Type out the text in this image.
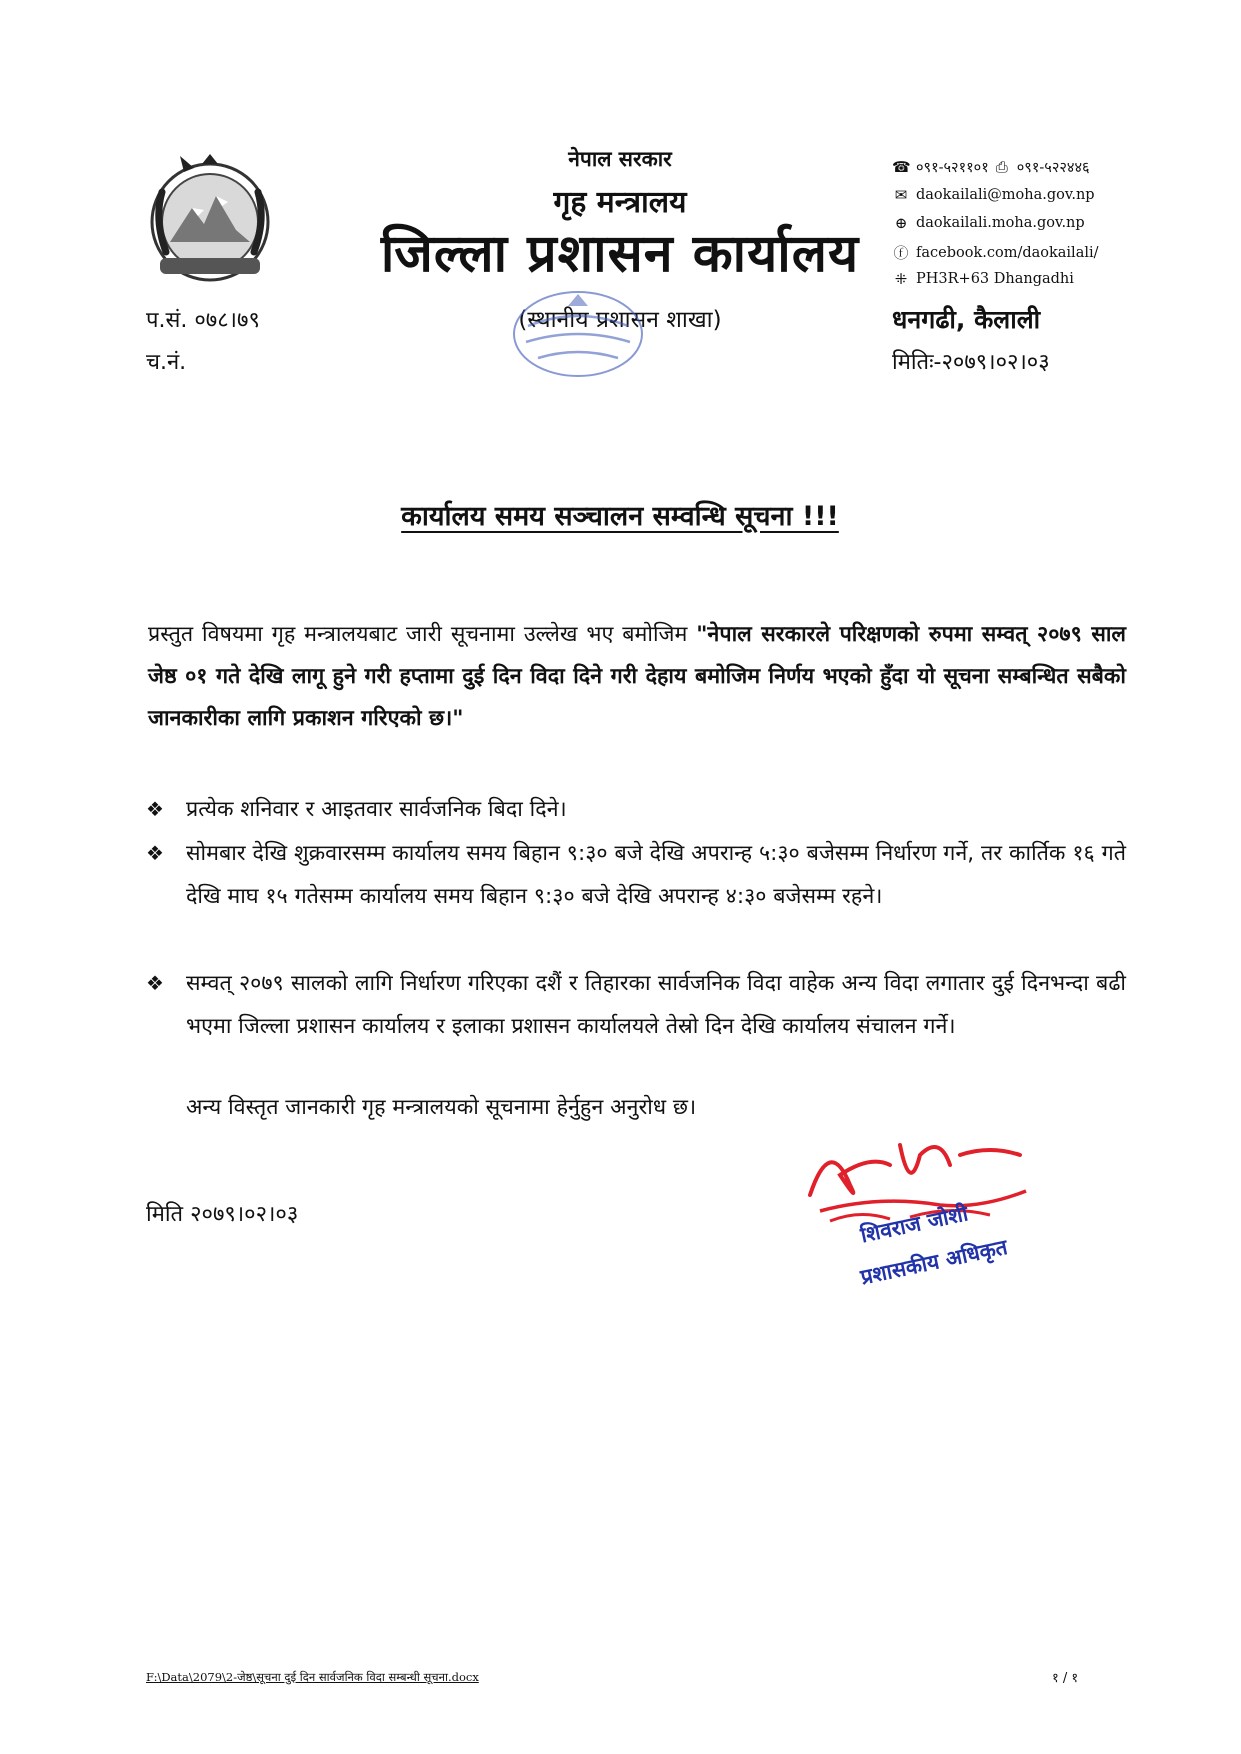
नेपाल सरकार
गृह मन्त्रालय
जिल्ला प्रशासन कार्यालय
(स्थानीय प्रशासन शाखा)
प.सं. ०७८।७९
च.नं.
धनगढी, कैलाली
मितिः-२०७९।०२।०३
☎ ०९१-५२११०१ ⎙ ०९१-५२२४४६
✉ daokailali@moha.gov.np
⊕ daokailali.moha.gov.np
ⓕ facebook.com/daokailali/
⁜ PH3R+63 Dhangadhi
कार्यालय समय सञ्चालन सम्वन्धि सूचना !!!
प्रस्तुत विषयमा गृह मन्त्रालयबाट जारी सूचनामा उल्लेख भए बमोजिम "नेपाल सरकारले परिक्षणको रुपमा सम्वत् २०७९ साल जेष्ठ ०१ गते देखि लागू हुने गरी हप्तामा दुई दिन विदा दिने गरी देहाय बमोजिम निर्णय भएको हुँदा यो सूचना सम्बन्धित सबैको जानकारीका लागि प्रकाशन गरिएको छ।"
❖	प्रत्येक शनिवार र आइतवार सार्वजनिक बिदा दिने।
❖	सोमबार देखि शुक्रवारसम्म कार्यालय समय बिहान ९:३० बजे देखि अपरान्ह ५:३० बजेसम्म निर्धारण गर्ने, तर कार्तिक १६ गते देखि माघ १५ गतेसम्म कार्यालय समय बिहान ९:३० बजे देखि अपरान्ह ४:३० बजेसम्म रहने।
❖	सम्वत् २०७९ सालको लागि निर्धारण गरिएका दशैं र तिहारका सार्वजनिक विदा वाहेक अन्य विदा लगातार दुई दिनभन्दा बढी भएमा जिल्ला प्रशासन कार्यालय र इलाका प्रशासन कार्यालयले तेस्रो दिन देखि कार्यालय संचालन गर्ने।
अन्य विस्तृत जानकारी गृह मन्त्रालयको सूचनामा हेर्नुहुन अनुरोध छ।
मिति २०७९।०२।०३	शिवराज जोशी
प्रशासकीय अधिकृत
F:\Data\2079\2-जेष्ठ\सूचना दुई दिन सार्वजनिक विदा सम्बन्धी सूचना.docx	१ / १
